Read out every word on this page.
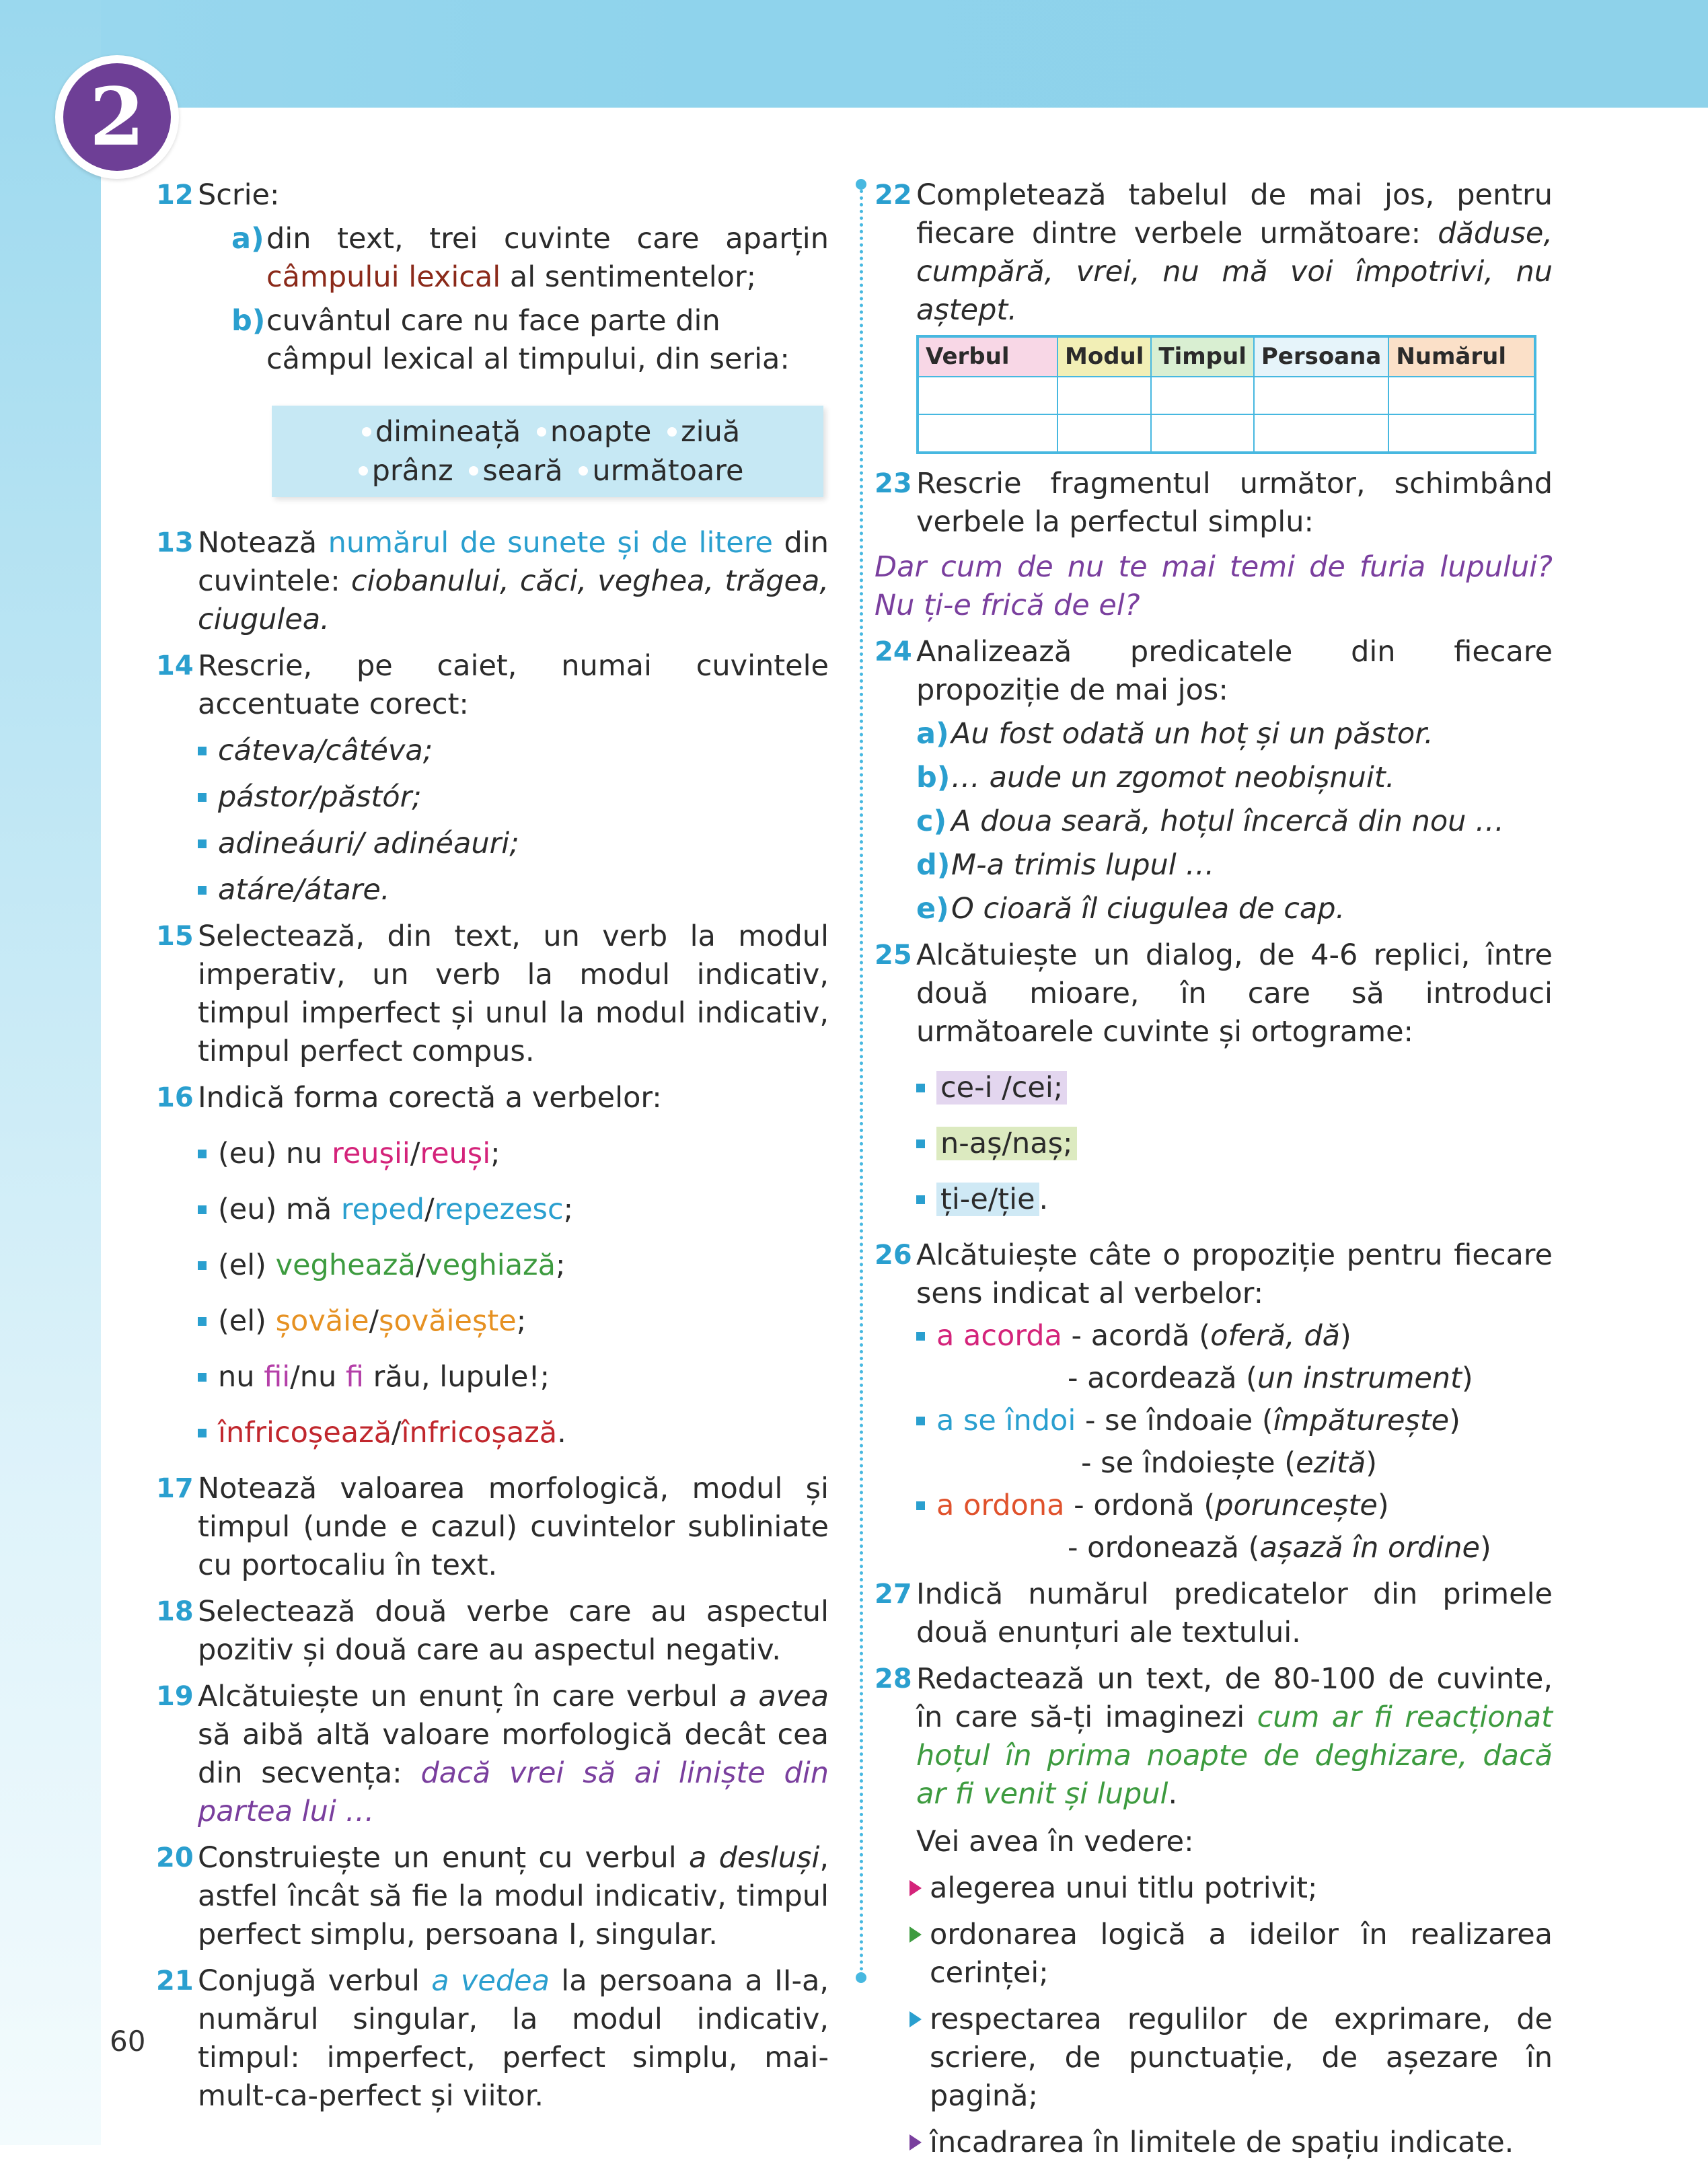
2
12 Scrie:
a) din text, trei cuvinte care aparțin câmpului lexical al sentimentelor;
b) cuvântul care nu face parte din câmpul lexical al timpului, din seria:
dimineață noapte ziuă
prânz seară următoare
13 Notează numărul de sunete și de litere din cuvintele: ciobanului, căci, veghea, trăgea, ciugulea.
14 Rescrie, pe caiet, numai cuvintele accentuate corect:
cáteva/câtéva;
pástor/păstór;
adineáuri/ adinéauri;
atáre/átare.
15 Selectează, din text, un verb la modul imperativ, un verb la modul indicativ, timpul imperfect și unul la modul indicativ, timpul perfect compus.
16 Indică forma corectă a verbelor:
(eu) nu reușii/reuși;
(eu) mă reped/repezesc;
(el) veghează/veghiază;
(el) șovăie/șovăiește;
nu fii/nu fi rău, lupule!;
înfricoșează/înfricoșază.
17 Notează valoarea morfologică, modul și timpul (unde e cazul) cuvintelor subliniate cu portocaliu în text.
18 Selectează două verbe care au aspectul pozitiv și două care au aspectul negativ.
19 Alcătuiește un enunț în care verbul a avea să aibă altă valoare morfologică decât cea din secvența: dacă vrei să ai liniște din partea lui …
20 Construiește un enunț cu verbul a desluși, astfel încât să fie la modul indicativ, timpul perfect simplu, persoana I, singular.
21 Conjugă verbul a vedea la persoana a II-a, numărul singular, la modul indicativ, timpul: imperfect, perfect simplu, mai-mult-ca-perfect și viitor.
22 Completează tabelul de mai jos, pentru fiecare dintre verbele următoare: dăduse, cumpără, vrei, nu mă voi împotrivi, nu aștept.
Verbul	Modul	Timpul	Persoana	Numărul

23 Rescrie fragmentul următor, schimbând verbele la perfectul simplu:
Dar cum de nu te mai temi de furia lupului? Nu ți-e frică de el?
24 Analizează predicatele din fiecare propoziție de mai jos:
a) Au fost odată un hoț și un păstor.
b) … aude un zgomot neobișnuit.
c) A doua seară, hoțul încercă din nou …
d) M-a trimis lupul …
e) O cioară îl ciugulea de cap.
25 Alcătuiește un dialog, de 4-6 replici, între două mioare, în care să introduci următoarele cuvinte și ortograme:
ce-i /cei;
n-aș/naș;
ți-e/ție .
26 Alcătuiește câte o propoziție pentru fiecare sens indicat al verbelor:
a acorda - acordă (oferă, dă)
- acordează (un instrument)
a se îndoi - se îndoaie (împăturește)
- se îndoiește (ezită)
a ordona - ordonă (poruncește)
- ordonează (așază în ordine)
27 Indică numărul predicatelor din primele două enunțuri ale textului.
28 Redactează un text, de 80-100 de cuvinte, în care să-ți imaginezi cum ar fi reacționat hoțul în prima noapte de deghizare, dacă ar fi venit și lupul.
Vei avea în vedere:
alegerea unui titlu potrivit;
ordonarea logică a ideilor în realizarea cerinței;
respectarea regulilor de exprimare, de scriere, de punctuație, de așezare în pagină;
încadrarea în limitele de spațiu indicate.
60
